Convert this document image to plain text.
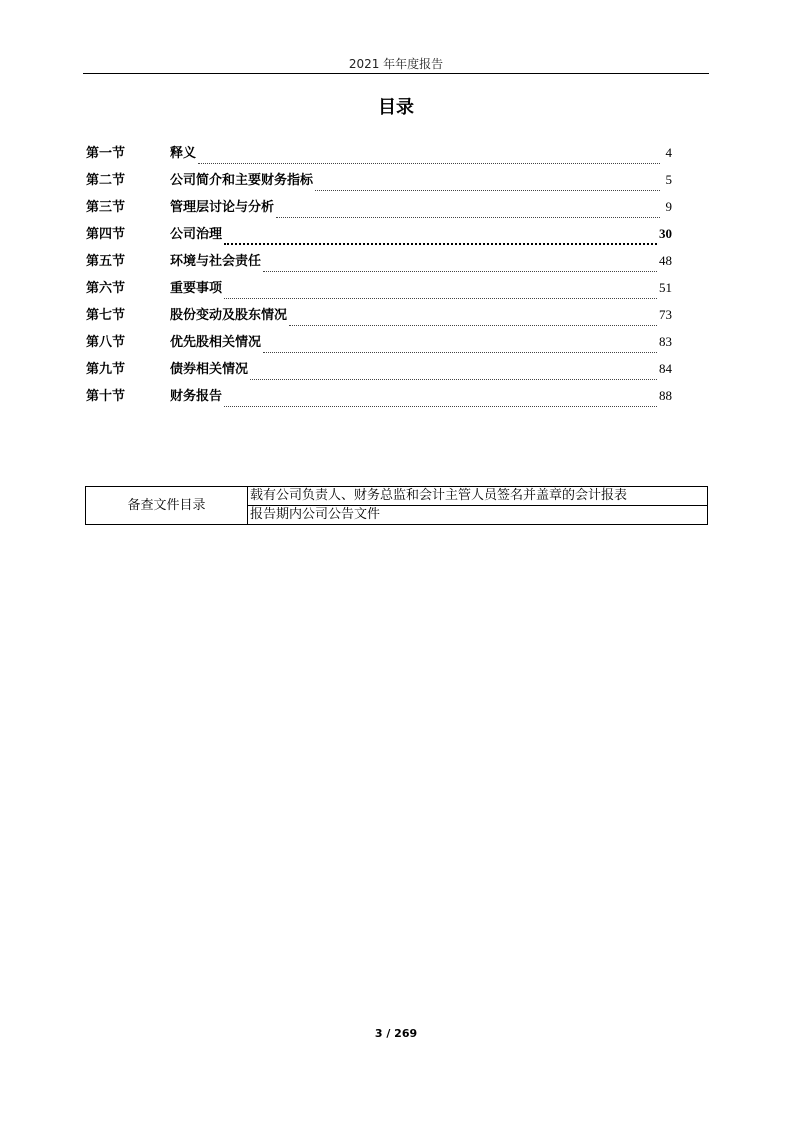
2021 年年度报告
目录
第一节	释义	4
第二节	公司简介和主要财务指标	5
第三节	管理层讨论与分析	9
第四节	公司治理	30
第五节	环境与社会责任	48
第六节	重要事项	51
第七节	股份变动及股东情况	73
第八节	优先股相关情况	83
第九节	债券相关情况	84
第十节	财务报告	88
备查文件目录	载有公司负责人、财务总监和会计主管人员签名并盖章的会计报表
报告期内公司公告文件
3 / 269
